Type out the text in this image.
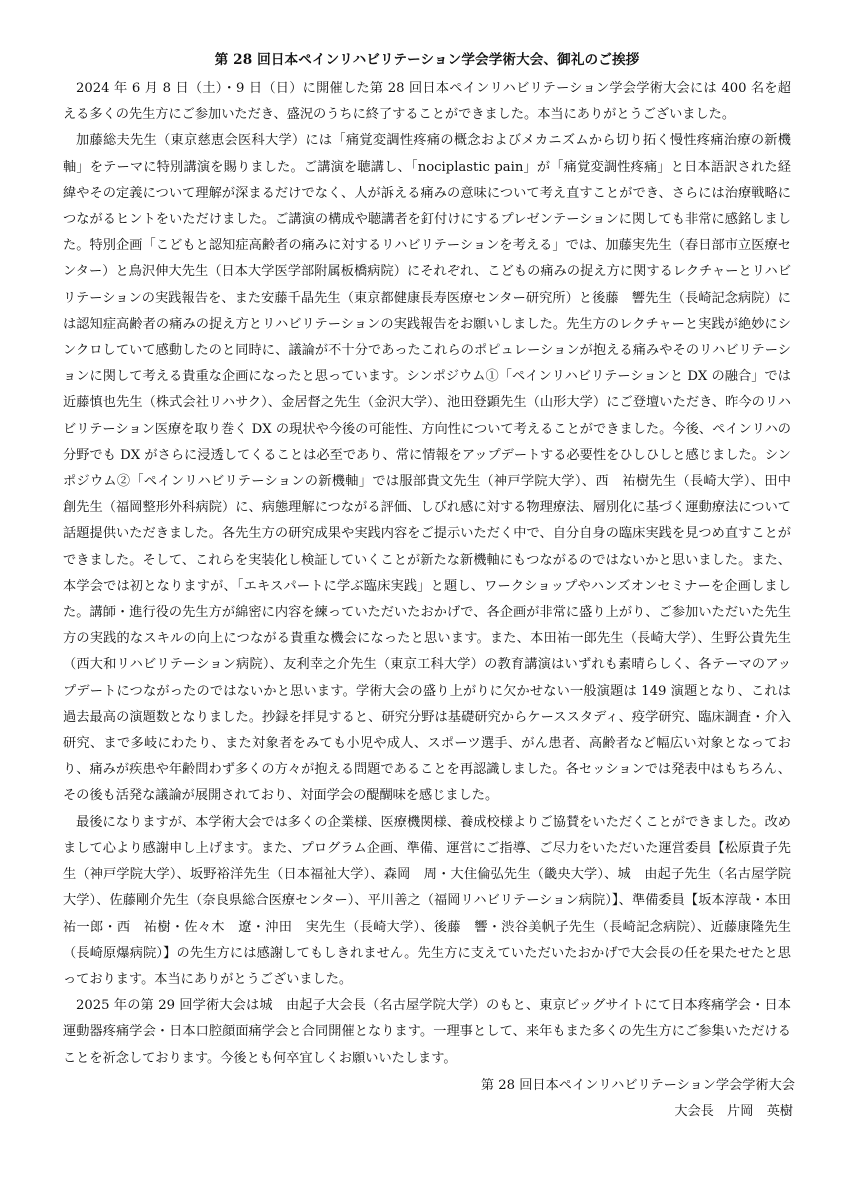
第 28 回日本ペインリハビリテーション学会学術大会、御礼のご挨拶

2024 年 6 月 8 日（土）・9 日（日）に開催した第 28 回日本ペインリハビリテーション学会学術大会には 400 名を超える多くの先生方にご参加いただき、盛況のうちに終了することができました。本当にありがとうございました。

加藤総夫先生（東京慈恵会医科大学）には「痛覚変調性疼痛の概念およびメカニズムから切り拓く慢性疼痛治療の新機軸」をテーマに特別講演を賜りました。ご講演を聴講し、「nociplastic pain」が「痛覚変調性疼痛」と日本語訳された経緯やその定義について理解が深まるだけでなく、人が訴える痛みの意味について考え直すことができ、さらには治療戦略につながるヒントをいただけました。ご講演の構成や聴講者を釘付けにするプレゼンテーションに関しても非常に感銘しました。特別企画「こどもと認知症高齢者の痛みに対するリハビリテーションを考える」では、加藤実先生（春日部市立医療センター）と鳥沢伸大先生（日本大学医学部附属板橋病院）にそれぞれ、こどもの痛みの捉え方に関するレクチャーとリハビリテーションの実践報告を、また安藤千晶先生（東京都健康長寿医療センター研究所）と後藤　響先生（長崎記念病院）には認知症高齢者の痛みの捉え方とリハビリテーションの実践報告をお願いしました。先生方のレクチャーと実践が絶妙にシンクロしていて感動したのと同時に、議論が不十分であったこれらのポピュレーションが抱える痛みやそのリハビリテーションに関して考える貴重な企画になったと思っています。シンポジウム①「ペインリハビリテーションと DX の融合」では近藤慎也先生（株式会社リハサク）、金居督之先生（金沢大学）、池田登顕先生（山形大学）にご登壇いただき、昨今のリハビリテーション医療を取り巻く DX の現状や今後の可能性、方向性について考えることができました。今後、ペインリハの分野でも DX がさらに浸透してくることは必至であり、常に情報をアップデートする必要性をひしひしと感じました。シンポジウム②「ペインリハビリテーションの新機軸」では服部貴文先生（神戸学院大学）、西　祐樹先生（長崎大学）、田中　創先生（福岡整形外科病院）に、病態理解につながる評価、しびれ感に対する物理療法、層別化に基づく運動療法について話題提供いただきました。各先生方の研究成果や実践内容をご提示いただく中で、自分自身の臨床実践を見つめ直すことができました。そして、これらを実装化し検証していくことが新たな新機軸にもつながるのではないかと思いました。また、本学会では初となりますが、「エキスパートに学ぶ臨床実践」と題し、ワークショップやハンズオンセミナーを企画しました。講師・進行役の先生方が綿密に内容を練っていただいたおかげで、各企画が非常に盛り上がり、ご参加いただいた先生方の実践的なスキルの向上につながる貴重な機会になったと思います。また、本田祐一郎先生（長崎大学）、生野公貴先生（西大和リハビリテーション病院）、友利幸之介先生（東京工科大学）の教育講演はいずれも素晴らしく、各テーマのアップデートにつながったのではないかと思います。学術大会の盛り上がりに欠かせない一般演題は 149 演題となり、これは過去最高の演題数となりました。抄録を拝見すると、研究分野は基礎研究からケーススタディ、疫学研究、臨床調査・介入研究、まで多岐にわたり、また対象者をみても小児や成人、スポーツ選手、がん患者、高齢者など幅広い対象となっており、痛みが疾患や年齢問わず多くの方々が抱える問題であることを再認識しました。各セッションでは発表中はもちろん、その後も活発な議論が展開されており、対面学会の醍醐味を感じました。

最後になりますが、本学術大会では多くの企業様、医療機関様、養成校様よりご協賛をいただくことができました。改めまして心より感謝申し上げます。また、プログラム企画、準備、運営にご指導、ご尽力をいただいた運営委員【松原貴子先生（神戸学院大学）、坂野裕洋先生（日本福祉大学）、森岡　周・大住倫弘先生（畿央大学）、城　由起子先生（名古屋学院大学）、佐藤剛介先生（奈良県総合医療センター）、平川善之（福岡リハビリテーション病院）】、準備委員【坂本淳哉・本田祐一郎・西　祐樹・佐々木　遼・沖田　実先生（長崎大学）、後藤　響・渋谷美帆子先生（長崎記念病院）、近藤康隆先生（長崎原爆病院）】の先生方には感謝してもしきれません。先生方に支えていただいたおかげで大会長の任を果たせたと思っております。本当にありがとうございました。

2025 年の第 29 回学術大会は城　由起子大会長（名古屋学院大学）のもと、東京ビッグサイトにて日本疼痛学会・日本運動器疼痛学会・日本口腔顔面痛学会と合同開催となります。一理事として、来年もまた多くの先生方にご参集いただけることを祈念しております。今後とも何卒宜しくお願いいたします。

第 28 回日本ペインリハビリテーション学会学術大会
大会長　片岡　英樹
